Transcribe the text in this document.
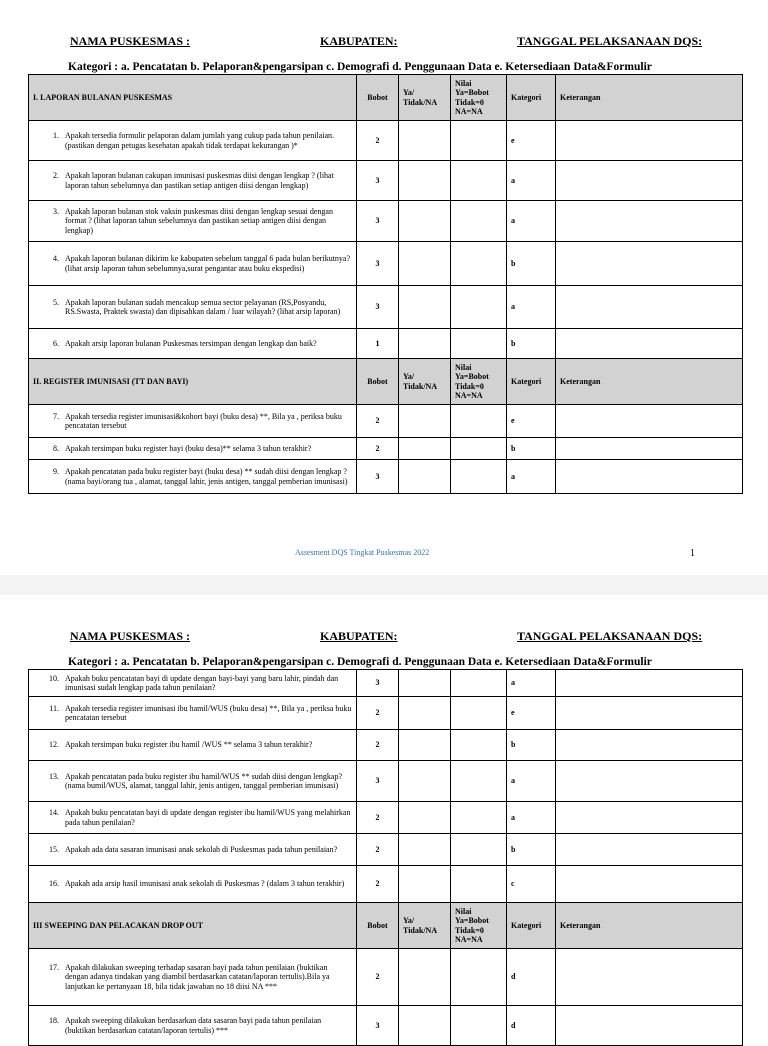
NAMA PUSKESMAS :	KABUPATEN:	TANGGAL PELAKSANAAN DQS:
Kategori : a. Pencatatan b. Pelaporan&pengarsipan c. Demografi d. Penggunaan Data e. Ketersediaan Data&Formulir
I. LAPORAN BULANAN PUSKESMAS	Bobot	Ya/ Tidak/NA	Nilai Ya=Bobot Tidak=0 NA=NA	Kategori	Keterangan

1. Apakah tersedia formulir pelaporan dalam jumlah yang cukup pada tahun penilaian. (pastikan dengan petugas kesehatan apakah tidak terdapat kekurangan )*	2			e	

2. Apakah laporan bulanan cakupan imunisasi puskesmas diisi dengan lengkap ? (lihat laporan tahun sebelumnya dan pastikan setiap antigen diisi dengan lengkap)	3			a	

3. Apakah laporan bulanan stok vaksin puskesmas diisi dengan lengkap sesuai dengan format ? (lihat laporan tahun sebelumnya dan pastikan setiap antigen diisi dengan lengkap)	3			a	

4. Apakah laporan bulanan dikirim ke kabupaten sebelum tanggal 6 pada bulan berikutnya? (lihat arsip laporan tahun sebelumnya,surat pengantar atau buku ekspedisi)	3			b	

5. Apakah laporan bulanan sudah mencakup semua sector pelayanan (RS,Posyandu, RS.Swasta, Praktek swasta) dan dipisahkan dalam / luar wilayah? (lihat arsip laporan)	3			a	

6. Apakah arsip laporan bulanan Puskesmas tersimpan dengan lengkap dan baik?	1			b	
II. REGISTER IMUNISASI (TT DAN BAYI)	Bobot	Ya/ Tidak/NA	Nilai Ya=Bobot Tidak=0 NA=NA	Kategori	Keterangan

7. Apakah tersedia register imunisasi&kohort bayi (buku desa) **, Bila ya , periksa buku pencatatan tersebut	2			e	

8. Apakah tersimpan buku register bayi (buku desa)** selama 3 tahun terakhir?	2			b	

9. Apakah pencatatan pada buku register bayi (buku desa) ** sudah diisi dengan lengkap ? (nama bayi/orang tua , alamat, tanggal lahir, jenis antigen, tanggal pemberian imunisasi)	3			a	
Assesment DQS Tingkat Puskesmas 2022	1
NAMA PUSKESMAS :	KABUPATEN:	TANGGAL PELAKSANAAN DQS:
Kategori : a. Pencatatan b. Pelaporan&pengarsipan c. Demografi d. Penggunaan Data e. Ketersediaan Data&Formulir
10. Apakah buku pencatatan bayi di update dengan bayi-bayi yang baru lahir, pindah dan imunisasi sudah lengkap pada tahun penilaian?	3			a	

11. Apakah tersedia register imunisasi ibu hamil/WUS (buku desa) **, Bila ya , periksa buku pencatatan tersebut	2			e	

12. Apakah tersimpan buku register ibu hamil /WUS ** selama 3 tahun terakhir?	2			b	

13. Apakah pencatatan pada buku register ibu hamil/WUS ** sudah diisi dengan lengkap? (nama bumil/WUS, alamat, tanggal lahir, jenis antigen, tanggal pemberian imunisasi)	3			a	

14. Apakah buku pencatatan bayi di update dengan register ibu hamil/WUS yang melahirkan pada tahun penilaian?	2			a	

15. Apakah ada data sasaran imunisasi anak sekolah di Puskesmas pada tahun penilaian?	2			b	

16. Apakah ada arsip hasil imunisasi anak sekolah di Puskesmas ? (dalam 3 tahun terakhir)	2			c	
III SWEEPING DAN PELACAKAN DROP OUT	Bobot	Ya/ Tidak/NA	Nilai Ya=Bobot Tidak=0 NA=NA	Kategori	Keterangan

17. Apakah dilakukan sweeping terhadap sasaran bayi pada tahun penilaian (buktikan dengan adanya tindakan yang diambil berdasarkan catatan/laporan tertulis).Bila ya lanjutkan ke pertanyaan 18, bila tidak jawaban no 18 diisi NA ***	2			d	

18. Apakah sweeping dilakukan berdasarkan data sasaran bayi pada tahun penilaian (buktikan berdasarkan catatan/laporan tertulis) ***	3			d	
